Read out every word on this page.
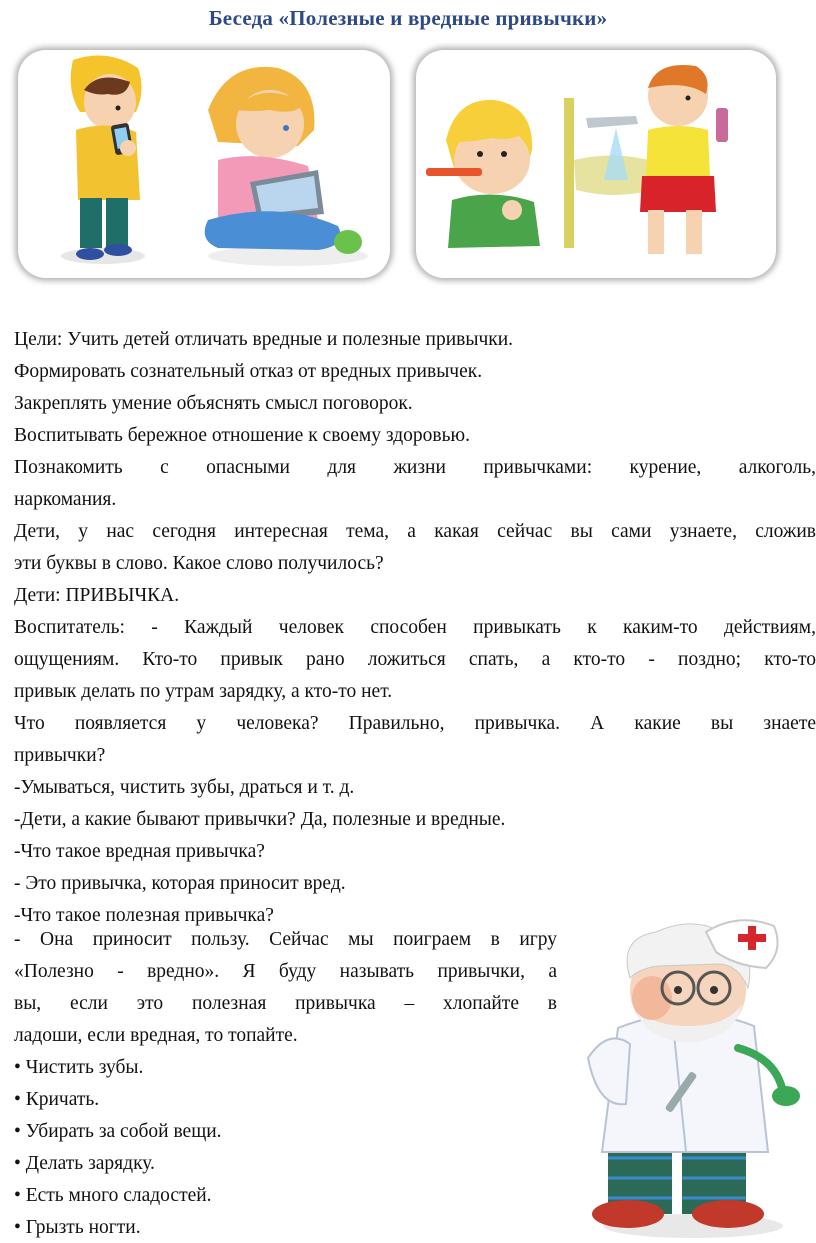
Беседа «Полезные и вредные привычки»
Цели: Учить детей отличать вредные и полезные привычки.
Формировать сознательный отказ от вредных привычек.
Закреплять умение объяснять смысл поговорок.
Воспитывать бережное отношение к своему здоровью.
Познакомить с опасными для жизни привычками: курение, алкоголь,
наркомания.
Дети, у нас сегодня интересная тема, а какая сейчас вы сами узнаете, сложив
эти буквы в слово. Какое слово получилось?
Дети: ПРИВЫЧКА.
Воспитатель: - Каждый человек способен привыкать к каким-то действиям,
ощущениям. Кто-то привык рано ложиться спать, а кто-то - поздно; кто-то
привык делать по утрам зарядку, а кто-то нет.
Что появляется у человека? Правильно, привычка. А какие вы знаете
привычки?
-Умываться, чистить зубы, драться и т. д.
-Дети, а какие бывают привычки? Да, полезные и вредные.
-Что такое вредная привычка?
- Это привычка, которая приносит вред.
-Что такое полезная привычка?
- Она приносит пользу. Сейчас мы поиграем в игру
«Полезно - вредно». Я буду называть привычки, а
вы, если это полезная привычка – хлопайте в
ладоши, если вредная, то топайте.
• Чистить зубы.
• Кричать.
• Убирать за собой вещи.
• Делать зарядку.
• Есть много сладостей.
• Грызть ногти.
